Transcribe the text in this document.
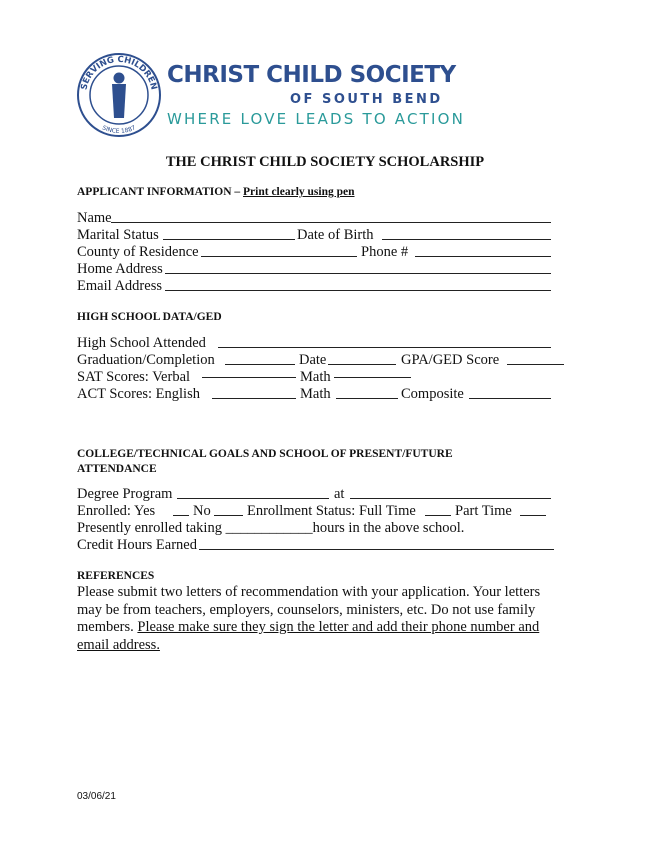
SERVING CHILDREN
SINCE 1887
CHRIST CHILD SOCIETY
OF SOUTH BEND
WHERE LOVE LEADS TO ACTION
THE CHRIST CHILD SOCIETY SCHOLARSHIP
APPLICANT INFORMATION – Print clearly using pen
Name
Marital Status	Date of Birth
County of Residence	Phone #
Home Address
Email Address
HIGH SCHOOL DATA/GED
High School Attended
Graduation/Completion	Date	GPA/GED Score
SAT Scores: Verbal	Math
ACT Scores: English	Math	Composite
COLLEGE/TECHNICAL GOALS AND SCHOOL OF PRESENT/FUTURE
ATTENDANCE
Degree Program	at
Enrolled: Yes	No	Enrollment Status: Full Time	Part Time
Presently enrolled taking ____________hours in the above school.
Credit Hours Earned
REFERENCES
Please submit two letters of recommendation with your application. Your letters may be from teachers, employers, counselors, ministers, etc. Do not use family members. Please make sure they sign the letter and add their phone number and email address.
03/06/21
